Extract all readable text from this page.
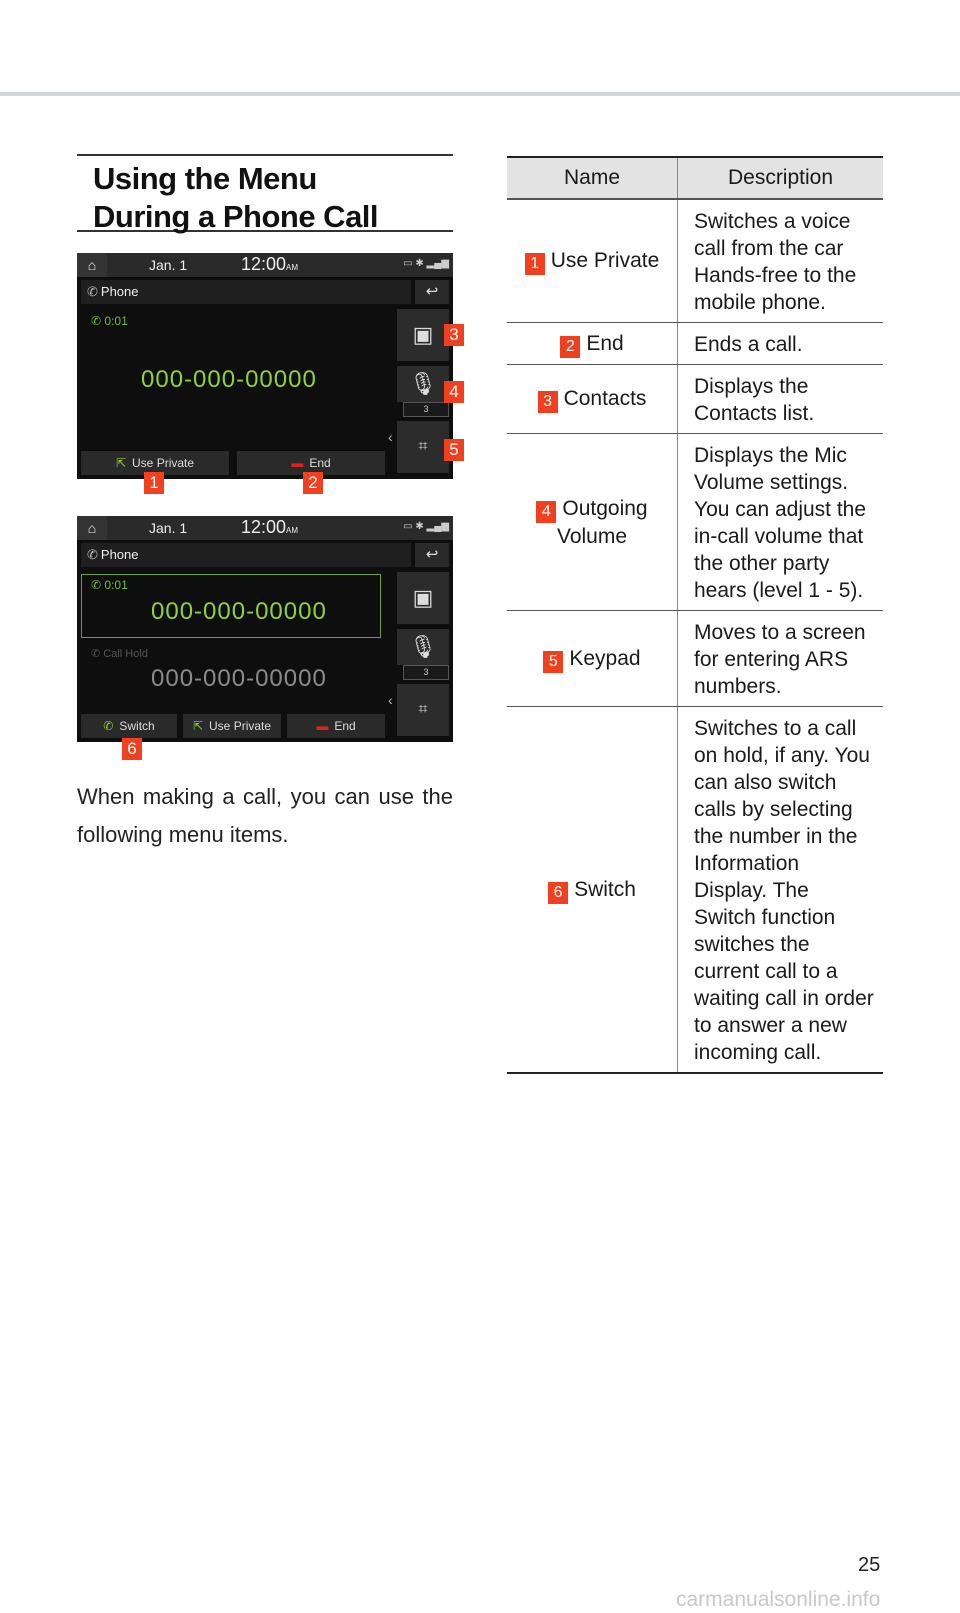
Using the Menu
During a Phone Call
⌂	Jan. 1	12:00AM	▭ ✱ ▂▄▆
✆ Phone	↩
✆ 0:01
000-000-00000
▣
🎙
3
‹
⌗
⇱ Use Private	▬ End
3
4
5
1	2
⌂	Jan. 1	12:00AM	▭ ✱ ▂▄▆
✆ Phone	↩
✆ 0:01
000-000-00000
✆ Call Hold
000-000-00000
▣
🎙
3
‹
⌗
✆ Switch	⇱ Use Private	▬ End
6
When making a call, you can use the following menu items.
Name	Description
1 Use Private	Switches a voice call from the car Hands-free to the mobile phone.
2 End	Ends a call.
3 Contacts	Displays the Contacts list.
4 Outgoing Volume	Displays the Mic Volume settings. You can adjust the in-call volume that the other party hears (level 1 - 5).
5 Keypad	Moves to a screen for entering ARS numbers.
6 Switch	Switches to a call on hold, if any. You can also switch calls by selecting the number in the Information Display. The Switch function switches the current call to a waiting call in order to answer a new incoming call.
25
carmanualsonline.info
